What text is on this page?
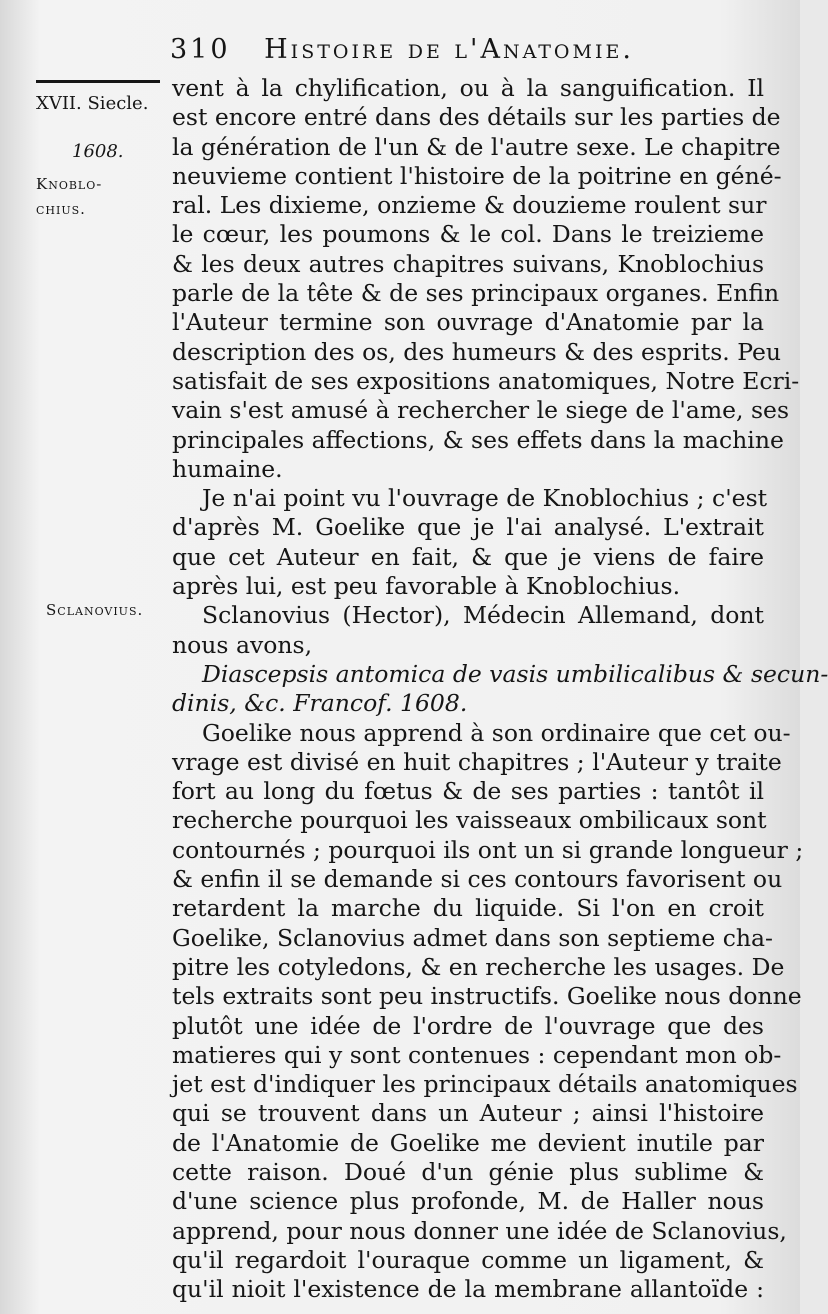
310 Histoire de l'Anatomie.
XVII. Siecle.
1608.
Knoblo-
chius.
Sclanovius.
vent à la chylification, ou à la sanguification. Il
est encore entré dans des détails sur les parties de
la génération de l'un & de l'autre sexe. Le chapitre
neuvieme contient l'histoire de la poitrine en géné-
ral. Les dixieme, onzieme & douzieme roulent sur
le cœur, les poumons & le col. Dans le treizieme
& les deux autres chapitres suivans, Knoblochius
parle de la tête & de ses principaux organes. Enfin
l'Auteur termine son ouvrage d'Anatomie par la
description des os, des humeurs & des esprits. Peu
satisfait de ses expositions anatomiques, Notre Ecri-
vain s'est amusé à rechercher le siege de l'ame, ses
principales affections, & ses effets dans la machine
humaine.
Je n'ai point vu l'ouvrage de Knoblochius ; c'est
d'après M. Goelike que je l'ai analysé. L'extrait
que cet Auteur en fait, & que je viens de faire
après lui, est peu favorable à Knoblochius.
Sclanovius (Hector), Médecin Allemand, dont
nous avons,
Diascepsis antomica de vasis umbilicalibus & secun-
dinis, &c. Francof. 1608.
Goelike nous apprend à son ordinaire que cet ou-
vrage est divisé en huit chapitres ; l'Auteur y traite
fort au long du fœtus & de ses parties : tantôt il
recherche pourquoi les vaisseaux ombilicaux sont
contournés ; pourquoi ils ont un si grande longueur ;
& enfin il se demande si ces contours favorisent ou
retardent la marche du liquide. Si l'on en croit
Goelike, Sclanovius admet dans son septieme cha-
pitre les cotyledons, & en recherche les usages. De
tels extraits sont peu instructifs. Goelike nous donne
plutôt une idée de l'ordre de l'ouvrage que des
matieres qui y sont contenues : cependant mon ob-
jet est d'indiquer les principaux détails anatomiques
qui se trouvent dans un Auteur ; ainsi l'histoire
de l'Anatomie de Goelike me devient inutile par
cette raison. Doué d'un génie plus sublime &
d'une science plus profonde, M. de Haller nous
apprend, pour nous donner une idée de Sclanovius,
qu'il regardoit l'ouraque comme un ligament, &
qu'il nioit l'existence de la membrane allantoïde :
